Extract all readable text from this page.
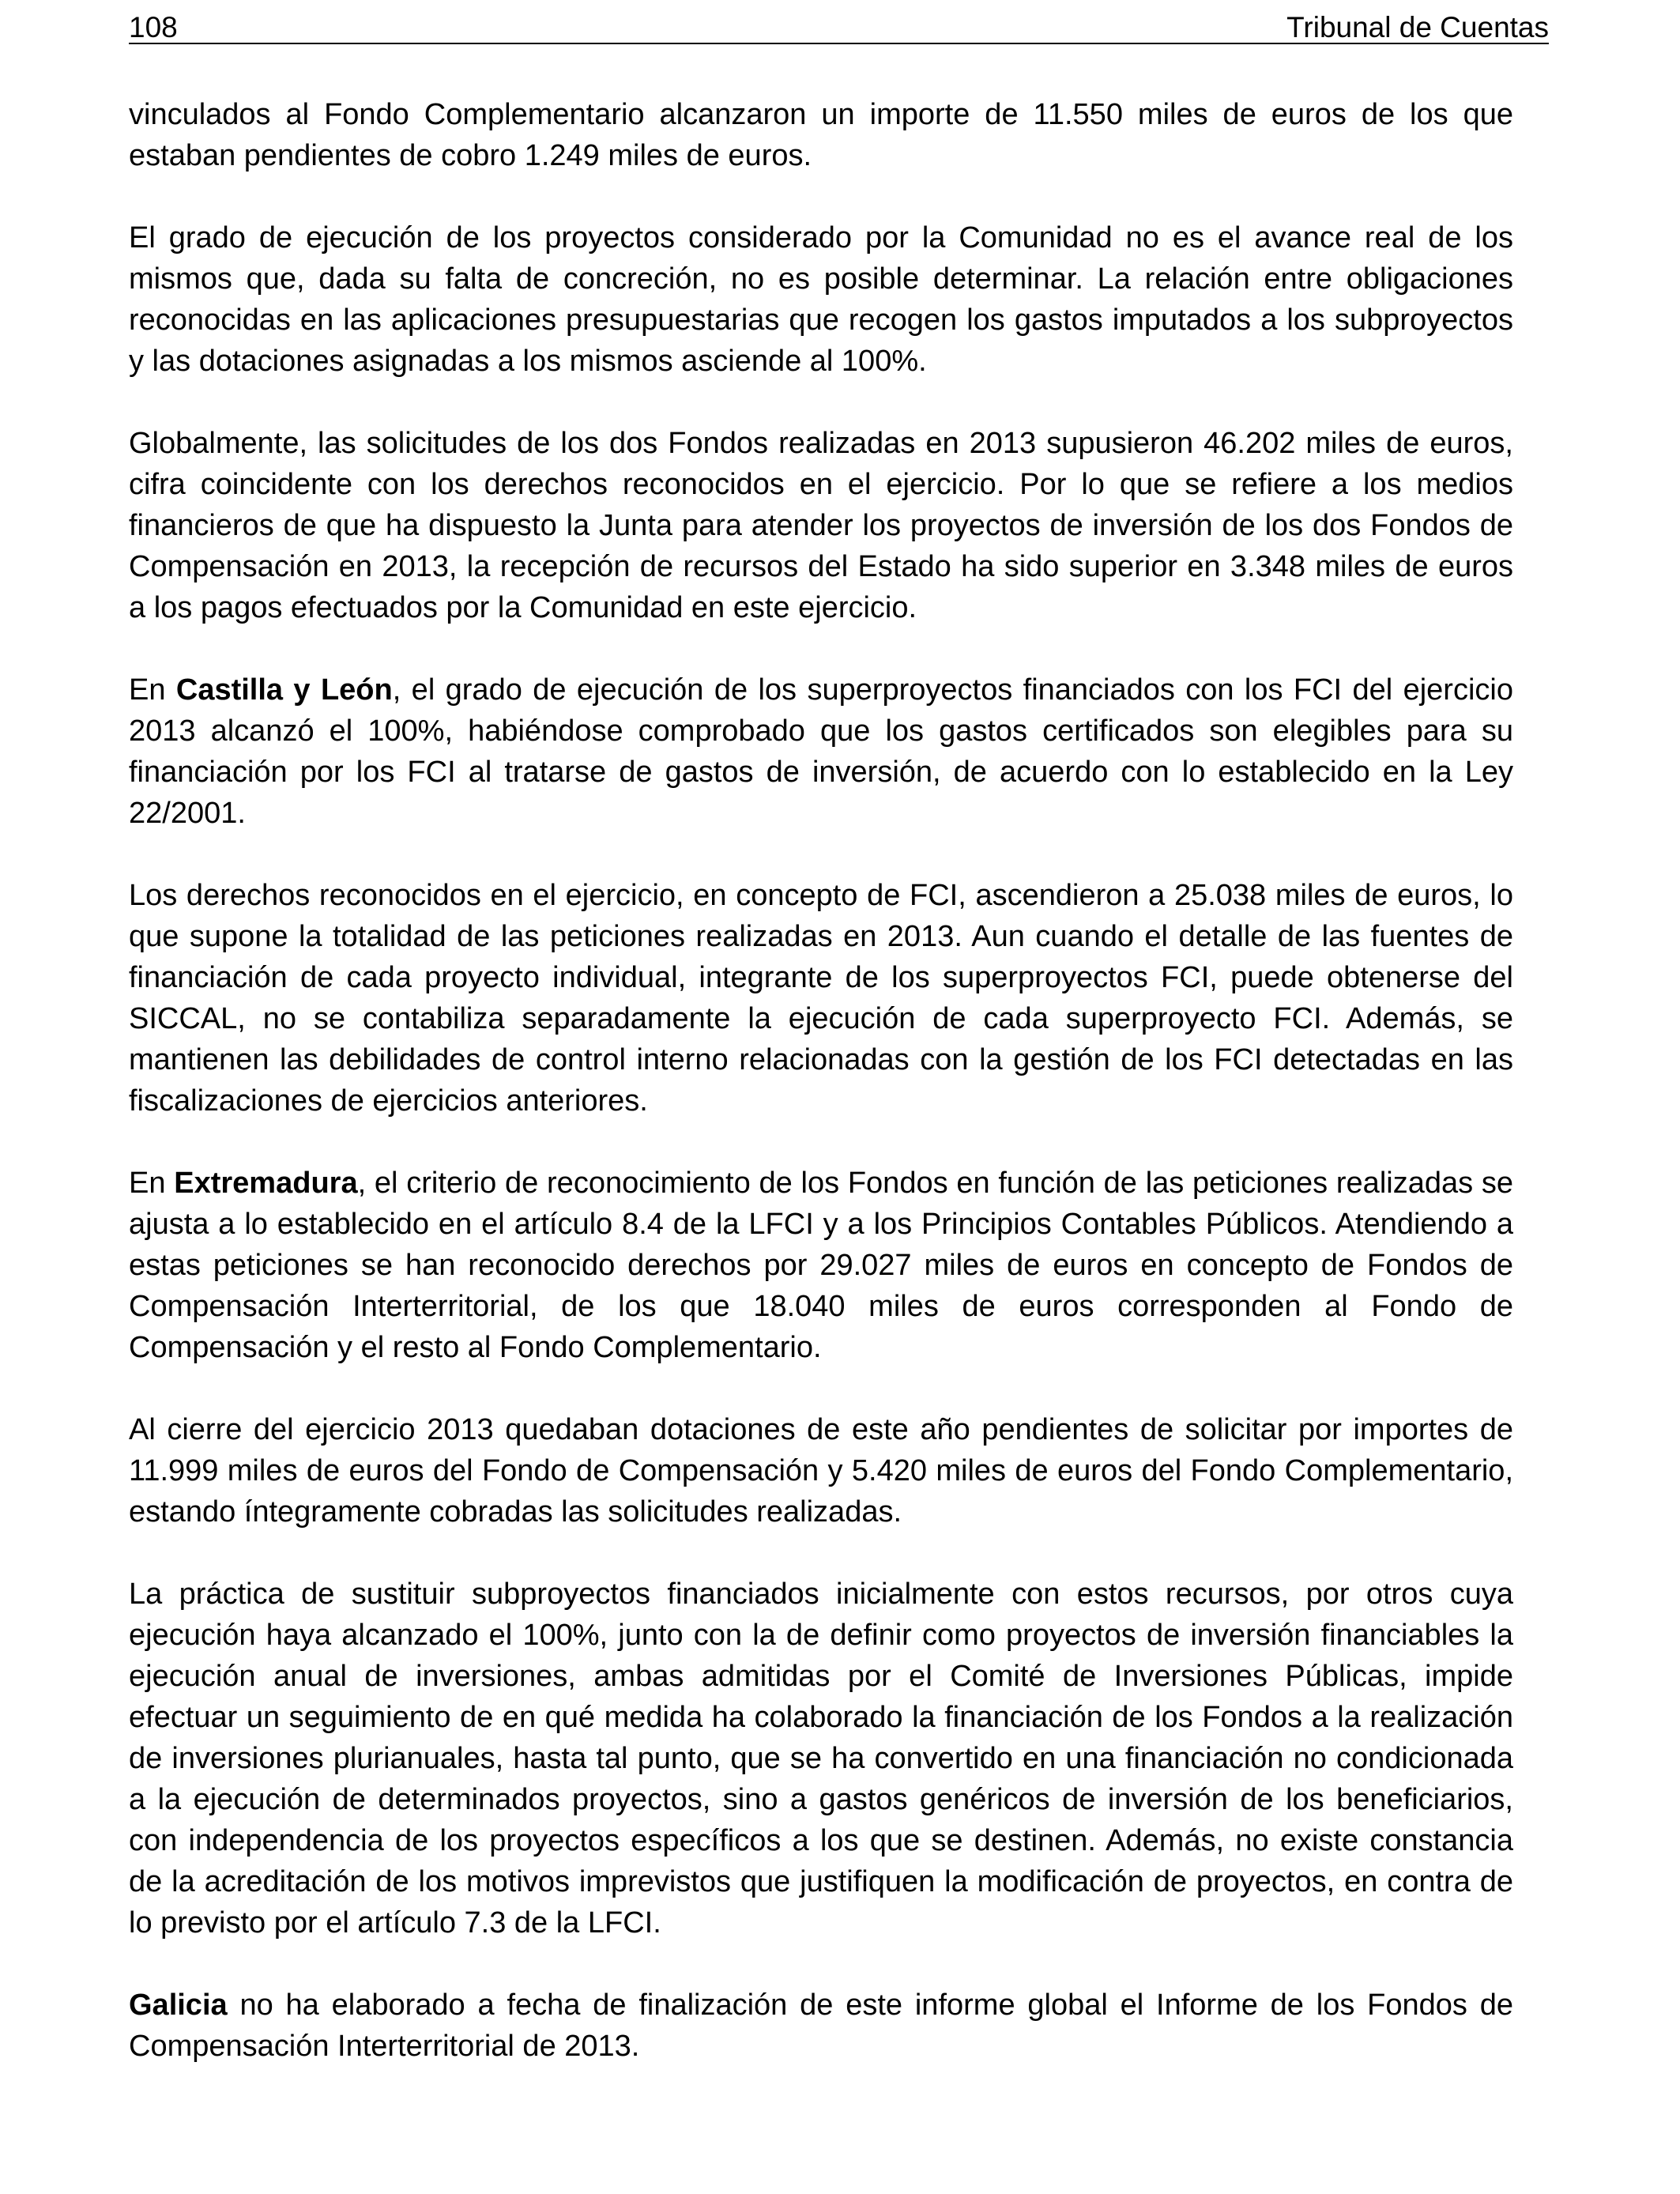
108	Tribunal de Cuentas

vinculados al Fondo Complementario alcanzaron un importe de 11.550 miles de euros de los que estaban pendientes de cobro 1.249 miles de euros.

El grado de ejecución de los proyectos considerado por la Comunidad no es el avance real de los mismos que, dada su falta de concreción, no es posible determinar. La relación entre obligaciones reconocidas en las aplicaciones presupuestarias que recogen los gastos imputados a los subproyectos y las dotaciones asignadas a los mismos asciende al 100%.

Globalmente, las solicitudes de los dos Fondos realizadas en 2013 supusieron 46.202 miles de euros, cifra coincidente con los derechos reconocidos en el ejercicio. Por lo que se refiere a los medios financieros de que ha dispuesto la Junta para atender los proyectos de inversión de los dos Fondos de Compensación en 2013, la recepción de recursos del Estado ha sido superior en 3.348 miles de euros a los pagos efectuados por la Comunidad en este ejercicio.

En Castilla y León, el grado de ejecución de los superproyectos financiados con los FCI del ejercicio 2013 alcanzó el 100%, habiéndose comprobado que los gastos certificados son elegibles para su financiación por los FCI al tratarse de gastos de inversión, de acuerdo con lo establecido en la Ley 22/2001.

Los derechos reconocidos en el ejercicio, en concepto de FCI, ascendieron a 25.038 miles de euros, lo que supone la totalidad de las peticiones realizadas en 2013. Aun cuando el detalle de las fuentes de financiación de cada proyecto individual, integrante de los superproyectos FCI, puede obtenerse del SICCAL, no se contabiliza separadamente la ejecución de cada superproyecto FCI. Además, se mantienen las debilidades de control interno relacionadas con la gestión de los FCI detectadas en las fiscalizaciones de ejercicios anteriores.

En Extremadura, el criterio de reconocimiento de los Fondos en función de las peticiones realizadas se ajusta a lo establecido en el artículo 8.4 de la LFCI y a los Principios Contables Públicos. Atendiendo a estas peticiones se han reconocido derechos por 29.027 miles de euros en concepto de Fondos de Compensación Interterritorial, de los que 18.040 miles de euros corresponden al Fondo de Compensación y el resto al Fondo Complementario.

Al cierre del ejercicio 2013 quedaban dotaciones de este año pendientes de solicitar por importes de 11.999 miles de euros del Fondo de Compensación y 5.420 miles de euros del Fondo Complementario, estando íntegramente cobradas las solicitudes realizadas.

La práctica de sustituir subproyectos financiados inicialmente con estos recursos, por otros cuya ejecución haya alcanzado el 100%, junto con la de definir como proyectos de inversión financiables la ejecución anual de inversiones, ambas admitidas por el Comité de Inversiones Públicas, impide efectuar un seguimiento de en qué medida ha colaborado la financiación de los Fondos a la realización de inversiones plurianuales, hasta tal punto, que se ha convertido en una financiación no condicionada a la ejecución de determinados proyectos, sino a gastos genéricos de inversión de los beneficiarios, con independencia de los proyectos específicos a los que se destinen. Además, no existe constancia de la acreditación de los motivos imprevistos que justifiquen la modificación de proyectos, en contra de lo previsto por el artículo 7.3 de la LFCI.

Galicia no ha elaborado a fecha de finalización de este informe global el Informe de los Fondos de Compensación Interterritorial de 2013.
